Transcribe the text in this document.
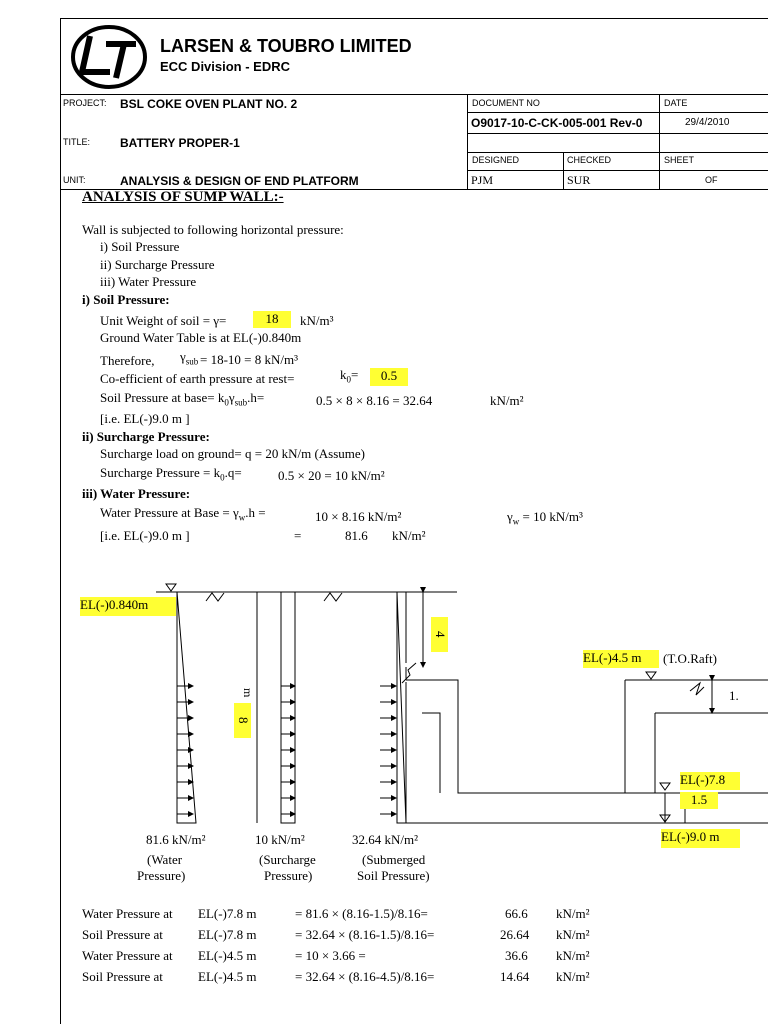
LARSEN & TOUBRO LIMITED
ECC Division - EDRC
PROJECT: BSL COKE OVEN PLANT NO. 2
TITLE: BATTERY PROPER-1
UNIT:	ANALYSIS & DESIGN OF END PLATFORM
DOCUMENT NO
O9017-10-C-CK-005-001 Rev-0
DATE
29/4/2010
DESIGNED
PJM
CHECKED
SUR
SHEET
OF
ANALYSIS OF SUMP WALL:-
Wall is subjected to following horizontal pressure:
i) Soil Pressure
ii) Surcharge Pressure
iii) Water Pressure
i) Soil Pressure:
Unit Weight of soil = γ=	18	kN/m³
Ground Water Table is at EL(-)0.840m
Therefore, $\gamma_{sub} = 18-10 = 8$ kN/m³
Co-efficient of earth pressure at rest=	$k_0=$	0.5
Soil Pressure at base= $k_0\gamma_{sub}.h=$	0.5 × 8 × 8.16 = 32.64	kN/m²
[i.e. EL(-)9.0 m ]
ii) Surcharge Pressure:
Surcharge load on ground= q = 20 kN/m (Assume)
Surcharge Pressure = $k_0.q=$	0.5 × 20 = 10 kN/m²
iii) Water Pressure:
Water Pressure at Base = $\gamma_w.h$ =	10 × 8.16 kN/m²	$\gamma_w = 10$ kN/m³
[i.e. EL(-)9.0 m ]	=	81.6 kN/m²
EL(-)0.840m
4
8
m
EL(-)4.5 m	(T.O.Raft)
1.
EL(-)7.8
1.5
EL(-)9.0 m
81.6 kN/m²
(Water
Pressure)
10 kN/m²
(Surcharge
Pressure)
32.64 kN/m²
(Submerged
Soil Pressure)
Water Pressure at EL(-)7.8 m	= 81.6 × (8.16-1.5)/8.16=	66.6 kN/m²
Soil Pressure at	EL(-)7.8 m	= 32.64 × (8.16-1.5)/8.16=	26.64 kN/m²
Water Pressure at EL(-)4.5 m	= 10 × 3.66 =	36.6 kN/m²
Soil Pressure at	EL(-)4.5 m	= 32.64 × (8.16-4.5)/8.16=	14.64 kN/m²
